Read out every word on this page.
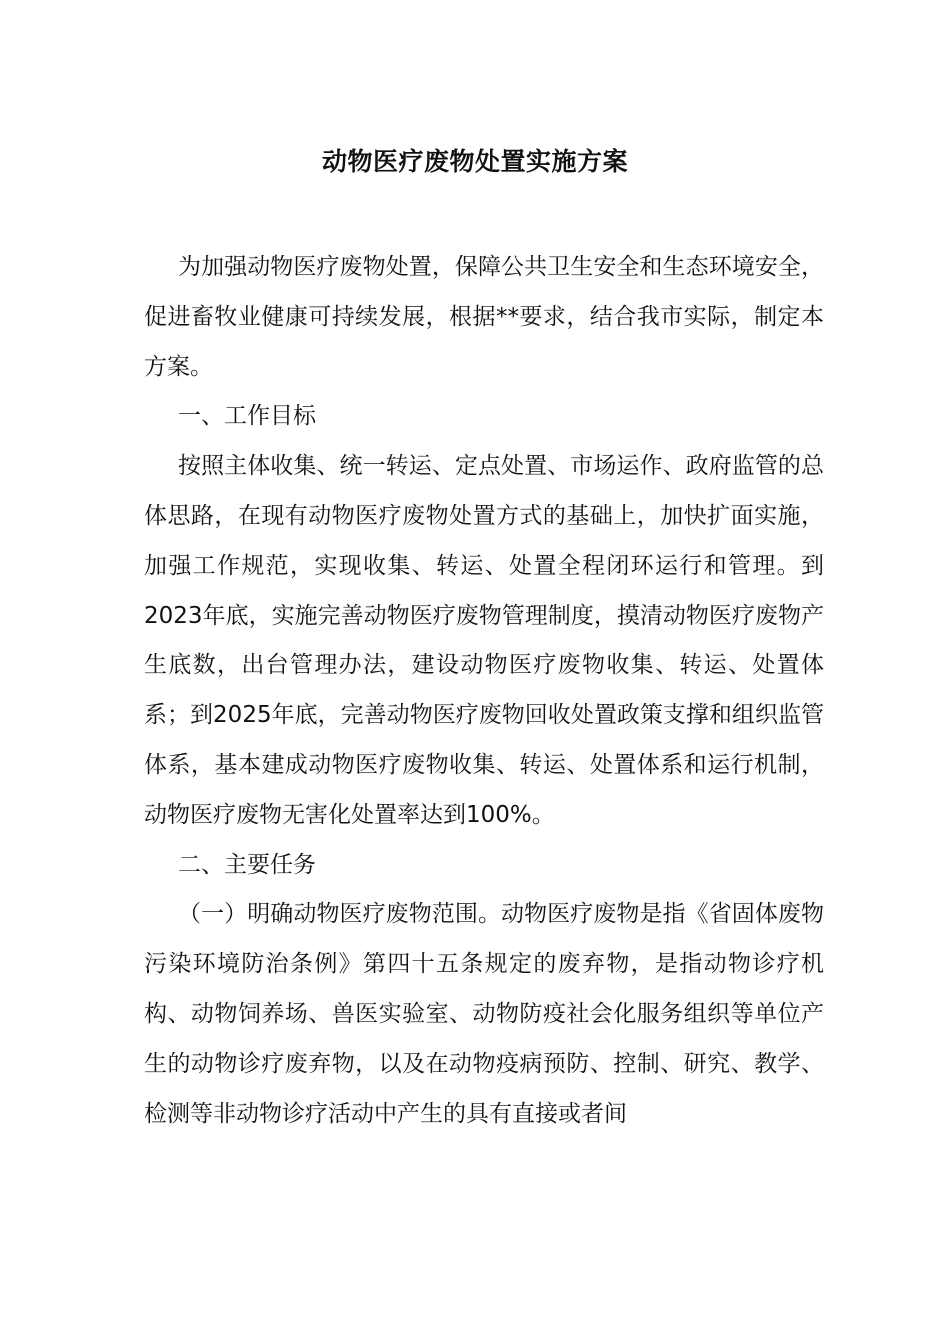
动物医疗废物处置实施方案

为加强动物医疗废物处置，保障公共卫生安全和生态环境安全，促进畜牧业健康可持续发展，根据**要求，结合我市实际，制定本方案。

一、工作目标

按照主体收集、统一转运、定点处置、市场运作、政府监管的总体思路，在现有动物医疗废物处置方式的基础上，加快扩面实施，加强工作规范，实现收集、转运、处置全程闭环运行和管理。到2023年底，实施完善动物医疗废物管理制度，摸清动物医疗废物产生底数，出台管理办法，建设动物医疗废物收集、转运、处置体系；到2025年底，完善动物医疗废物回收处置政策支撑和组织监管体系，基本建成动物医疗废物收集、转运、处置体系和运行机制，动物医疗废物无害化处置率达到100%。

二、主要任务

（一）明确动物医疗废物范围。动物医疗废物是指《省固体废物污染环境防治条例》第四十五条规定的废弃物，是指动物诊疗机构、动物饲养场、兽医实验室、动物防疫社会化服务组织等单位产生的动物诊疗废弃物，以及在动物疫病预防、控制、研究、教学、检测等非动物诊疗活动中产生的具有直接或者间
